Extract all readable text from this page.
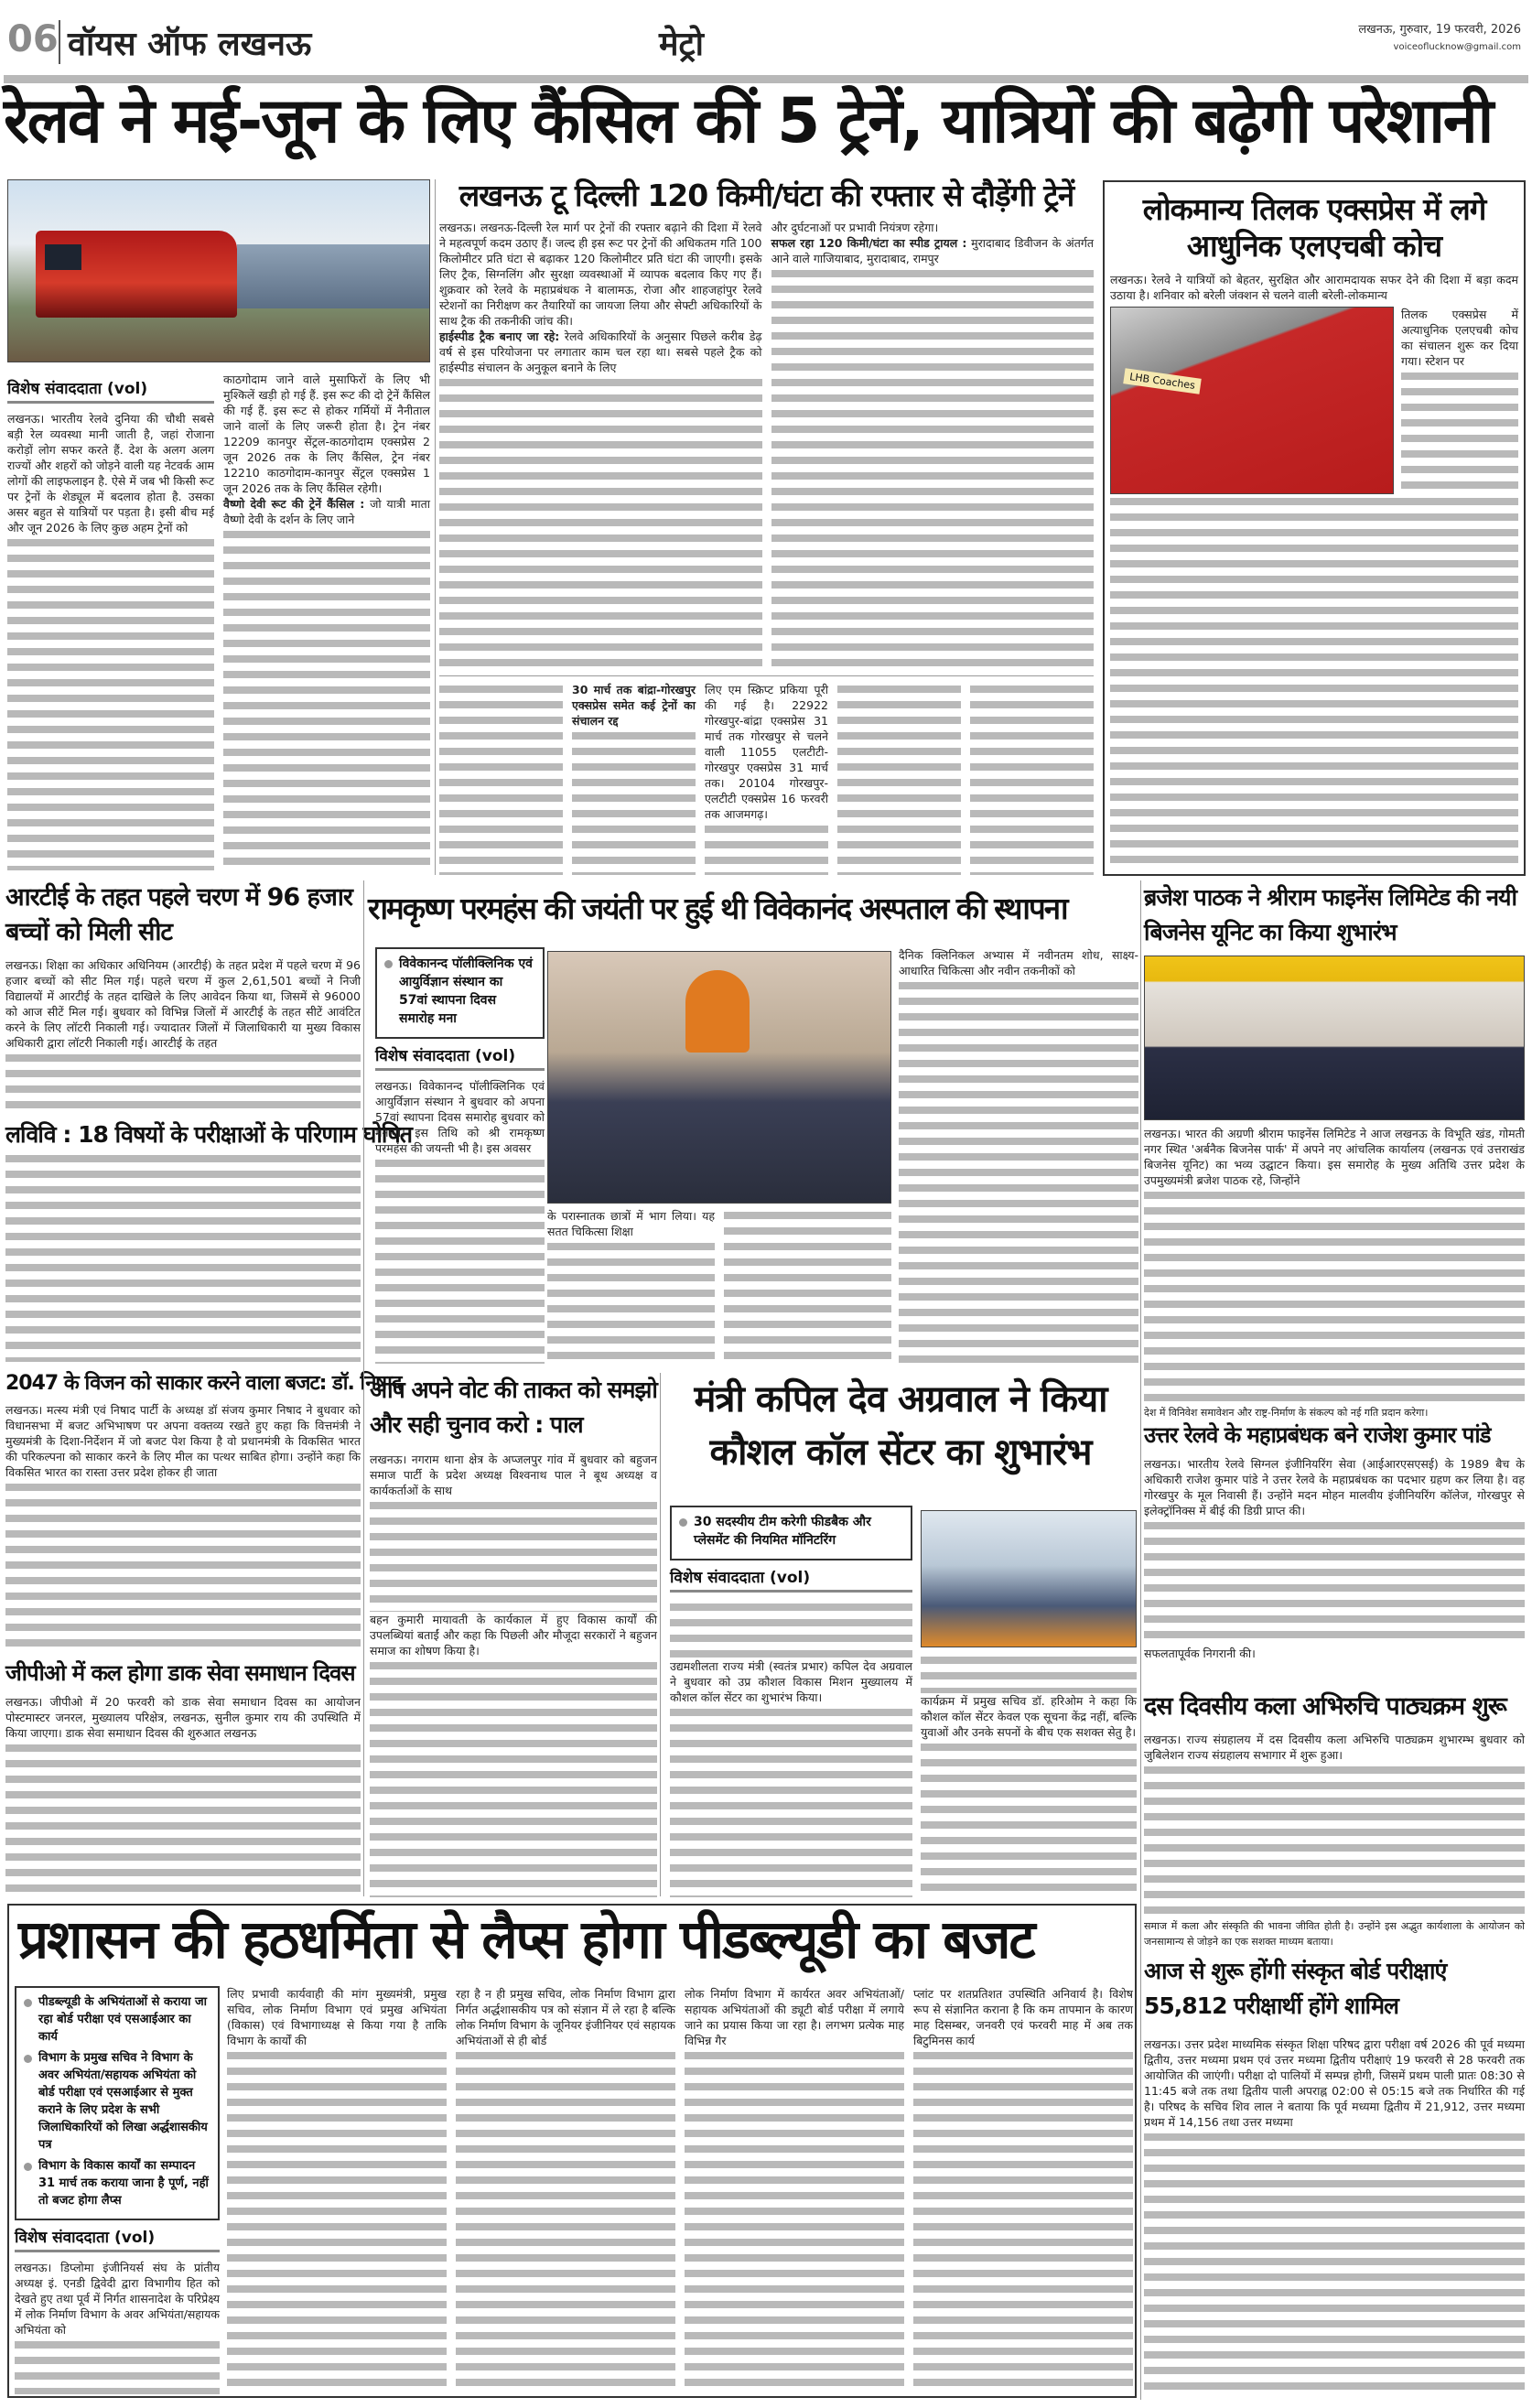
06 वॉयस ऑफ लखनऊ	मेट्रो	लखनऊ, गुरुवार, 19 फरवरी, 2026
voiceoflucknow@gmail.com
रेलवे ने मई-जून के लिए कैंसिल कीं 5 ट्रेनें, यात्रियों की बढ़ेगी परेशानी
विशेष संवाददाता (vol)
लखनऊ। भारतीय रेलवे दुनिया की चौथी सबसे बड़ी रेल व्यवस्था मानी जाती है, जहां रोजाना करोड़ों लोग सफर करते हैं. देश के अलग अलग राज्यों और शहरों को जोड़ने वाली यह नेटवर्क आम लोगों की लाइफलाइन है. ऐसे में जब भी किसी रूट पर ट्रेनों के शेड्यूल में बदलाव होता है. उसका असर बहुत से यात्रियों पर पड़ता है। इसी बीच मई और जून 2026 के लिए कुछ अहम ट्रेनों को
काठगोदाम जाने वाले मुसाफिरों के लिए भी मुश्किलें खड़ी हो गई हैं. इस रूट की दो ट्रेनें कैंसिल की गई हैं. इस रूट से होकर गर्मियों में नैनीताल जाने वालों के लिए जरूरी होता है। ट्रेन नंबर 12209 कानपुर सेंट्रल-काठगोदाम एक्सप्रेस 2 जून 2026 तक के लिए कैंसिल, ट्रेन नंबर 12210 काठगोदाम-कानपुर सेंट्रल एक्सप्रेस 1 जून 2026 तक के लिए कैंसिल रहेगी।
वैष्णो देवी रूट की ट्रेनें कैंसिल : जो यात्री माता वैष्णो देवी के दर्शन के लिए जाने
लखनऊ टू दिल्ली 120 किमी/घंटा की रफ्तार से दौड़ेंगी ट्रेनें
लखनऊ। लखनऊ-दिल्ली रेल मार्ग पर ट्रेनों की रफ्तार बढ़ाने की दिशा में रेलवे ने महत्वपूर्ण कदम उठाए हैं। जल्द ही इस रूट पर ट्रेनों की अधिकतम गति 100 किलोमीटर प्रति घंटा से बढ़ाकर 120 किलोमीटर प्रति घंटा की जाएगी। इसके लिए ट्रैक, सिग्नलिंग और सुरक्षा व्यवस्थाओं में व्यापक बदलाव किए गए हैं। शुक्रवार को रेलवे के महाप्रबंधक ने बालामऊ, रोजा और शाहजहांपुर रेलवे स्टेशनों का निरीक्षण कर तैयारियों का जायजा लिया और सेफ्टी अधिकारियों के साथ ट्रैक की तकनीकी जांच की।
हाईस्पीड ट्रैक बनाए जा रहे: रेलवे अधिकारियों के अनुसार पिछले करीब डेढ़ वर्ष से इस परियोजना पर लगातार काम चल रहा था। सबसे पहले ट्रैक को हाईस्पीड संचालन के अनुकूल बनाने के लिए
और दुर्घटनाओं पर प्रभावी नियंत्रण रहेगा।
सफल रहा 120 किमी/घंटा का स्पीड ट्रायल : मुरादाबाद डिवीजन के अंतर्गत आने वाले गाजियाबाद, मुरादाबाद, रामपुर
30 मार्च तक बांद्रा-गोरखपुर एक्सप्रेस समेत कई ट्रेनों का संचालन रद्द
लिए एम स्क्रिप्ट प्रकिया पूरी की गई है। 22922 गोरखपुर-बांद्रा एक्सप्रेस 31 मार्च तक गोरखपुर से चलने वाली 11055 एलटीटी-गोरखपुर एक्सप्रेस 31 मार्च तक। 20104 गोरखपुर-एलटीटी एक्सप्रेस 16 फरवरी तक आजमगढ़।
लोकमान्य तिलक एक्सप्रेस में लगे आधुनिक एलएचबी कोच
लखनऊ। रेलवे ने यात्रियों को बेहतर, सुरक्षित और आरामदायक सफर देने की दिशा में बड़ा कदम उठाया है। शनिवार को बरेली जंक्शन से चलने वाली बरेली-लोकमान्य
LHB Coaches
तिलक एक्सप्रेस में अत्याधुनिक एलएचबी कोच का संचालन शुरू कर दिया गया। स्टेशन पर
आरटीई के तहत पहले चरण में 96 हजार बच्चों को मिली सीट
लखनऊ। शिक्षा का अधिकार अधिनियम (आरटीई) के तहत प्रदेश में पहले चरण में 96 हजार बच्चों को सीट मिल गई। पहले चरण में कुल 2,61,501 बच्चों ने निजी विद्यालयों में आरटीई के तहत दाखिले के लिए आवेदन किया था, जिसमें से 96000 को आज सीटें मिल गई। बुधवार को विभिन्न जिलों में आरटीई के तहत सीटें आवंटित करने के लिए लॉटरी निकाली गई। ज्यादातर जिलों में जिलाधिकारी या मुख्य विकास अधिकारी द्वारा लॉटरी निकाली गई। आरटीई के तहत
लविवि : 18 विषयों के परीक्षाओं के परिणाम घोषित
रामकृष्ण परमहंस की जयंती पर हुई थी विवेकानंद अस्पताल की स्थापना
विवेकानन्द पॉलीक्लिनिक एवं आयुर्विज्ञान संस्थान का 57वां स्थापना दिवस समारोह मना
विशेष संवाददाता (vol)
लखनऊ। विवेकानन्द पॉलीक्लिनिक एवं आयुर्विज्ञान संस्थान ने बुधवार को अपना 57वां स्थापना दिवस समारोह बुधवार को मनाया। इस तिथि को श्री रामकृष्ण परमहंस की जयन्ती भी है। इस अवसर
दैनिक क्लिनिकल अभ्यास में नवीनतम शोध, साक्ष्य-आधारित चिकित्सा और नवीन तकनीकों को
के परास्नातक छात्रों में भाग लिया। यह सतत चिकित्सा शिक्षा
ब्रजेश पाठक ने श्रीराम फाइनेंस लिमिटेड की नयी बिजनेस यूनिट का किया शुभारंभ
लखनऊ। भारत की अग्रणी श्रीराम फाइनेंस लिमिटेड ने आज लखनऊ के विभूति खंड, गोमती नगर स्थित 'अर्बनैक बिजनेस पार्क' में अपने नए आंचलिक कार्यालय (लखनऊ एवं उत्तराखंड बिजनेस यूनिट) का भव्य उद्घाटन किया। इस समारोह के मुख्य अतिथि उत्तर प्रदेश के उपमुख्यमंत्री ब्रजेश पाठक रहे, जिन्होंने
देश में विनिवेश समावेशन और राष्ट्र-निर्माण के संकल्प को नई गति प्रदान करेगा।
2047 के विजन को साकार करने वाला बजट: डॉ. निषाद
लखनऊ। मत्स्य मंत्री एवं निषाद पार्टी के अध्यक्ष डॉ संजय कुमार निषाद ने बुधवार को विधानसभा में बजट अभिभाषण पर अपना वक्तव्य रखते हुए कहा कि वित्तमंत्री ने मुख्यमंत्री के दिशा-निर्देशन में जो बजट पेश किया है वो प्रधानमंत्री के विकसित भारत की परिकल्पना को साकार करने के लिए मील का पत्थर साबित होगा। उन्होंने कहा कि विकसित भारत का रास्ता उत्तर प्रदेश होकर ही जाता
जीपीओ में कल होगा डाक सेवा समाधान दिवस
लखनऊ। जीपीओ में 20 फरवरी को डाक सेवा समाधान दिवस का आयोजन पोस्टमास्टर जनरल, मुख्यालय परिक्षेत्र, लखनऊ, सुनील कुमार राय की उपस्थिति में किया जाएगा। डाक सेवा समाधान दिवस की शुरुआत लखनऊ
आप अपने वोट की ताकत को समझो और सही चुनाव करो : पाल
लखनऊ। नगराम थाना क्षेत्र के अप्जलपुर गांव में बुधवार को बहुजन समाज पार्टी के प्रदेश अध्यक्ष विश्वनाथ पाल ने बूथ अध्यक्ष व कार्यकर्ताओं के साथ
बहन कुमारी मायावती के कार्यकाल में हुए विकास कार्यों की उपलब्धियां बताईं और कहा कि पिछली और मौजूदा सरकारों ने बहुजन समाज का शोषण किया है।
मंत्री कपिल देव अग्रवाल ने किया कौशल कॉल सेंटर का शुभारंभ
30 सदस्यीय टीम करेगी फीडबैक और प्लेसमेंट की नियमित मॉनिटरिंग
विशेष संवाददाता (vol)
उद्यमशीलता राज्य मंत्री (स्वतंत्र प्रभार) कपिल देव अग्रवाल ने बुधवार को उप्र कौशल विकास मिशन मुख्यालय में कौशल कॉल सेंटर का शुभारंभ किया।	कार्यक्रम में प्रमुख सचिव डॉ. हरिओम ने कहा कि कौशल कॉल सेंटर केवल एक सूचना केंद्र नहीं, बल्कि युवाओं और उनके सपनों के बीच एक सशक्त सेतु है।
उत्तर रेलवे के महाप्रबंधक बने राजेश कुमार पांडे
लखनऊ। भारतीय रेलवे सिग्नल इंजीनियरिंग सेवा (आईआरएसएसई) के 1989 बैच के अधिकारी राजेश कुमार पांडे ने उत्तर रेलवे के महाप्रबंधक का पदभार ग्रहण कर लिया है। वह गोरखपुर के मूल निवासी हैं। उन्होंने मदन मोहन मालवीय इंजीनियरिंग कॉलेज, गोरखपुर से इलेक्ट्रॉनिक्स में बीई की डिग्री प्राप्त की।
सफलतापूर्वक निगरानी की।
दस दिवसीय कला अभिरुचि पाठ्यक्रम शुरू
लखनऊ। राज्य संग्रहालय में दस दिवसीय कला अभिरुचि पाठ्यक्रम शुभारम्भ बुधवार को जुबिलेशन राज्य संग्रहालय सभागार में शुरू हुआ।
समाज में कला और संस्कृति की भावना जीवित होती है। उन्होंने इस अद्भुत कार्यशाला के आयोजन को जनसामान्य से जोड़ने का एक सशक्त माध्यम बताया।
आज से शुरू होंगी संस्कृत बोर्ड परीक्षाएं 55,812 परीक्षार्थी होंगे शामिल
लखनऊ। उत्तर प्रदेश माध्यमिक संस्कृत शिक्षा परिषद द्वारा परीक्षा वर्ष 2026 की पूर्व मध्यमा द्वितीय, उत्तर मध्यमा प्रथम एवं उत्तर मध्यमा द्वितीय परीक्षाएं 19 फरवरी से 28 फरवरी तक आयोजित की जाएंगी। परीक्षा दो पालियों में सम्पन्न होगी, जिसमें प्रथम पाली प्रातः 08:30 से 11:45 बजे तक तथा द्वितीय पाली अपराह्न 02:00 से 05:15 बजे तक निर्धारित की गई है। परिषद के सचिव शिव लाल ने बताया कि पूर्व मध्यमा द्वितीय में 21,912, उत्तर मध्यमा प्रथम में 14,156 तथा उत्तर मध्यमा
प्रशासन की हठधर्मिता से लैप्स होगा पीडब्ल्यूडी का बजट
पीडब्ल्यूडी के अभियंताओं से कराया जा रहा बोर्ड परीक्षा एवं एसआईआर का कार्य
विभाग के प्रमुख सचिव ने विभाग के अवर अभियंता/सहायक अभियंता को बोर्ड परीक्षा एवं एसआईआर से मुक्त कराने के लिए प्रदेश के सभी जिलाधिकारियों को लिखा अर्द्धशासकीय पत्र
विभाग के विकास कार्यों का सम्पादन 31 मार्च तक कराया जाना है पूर्ण, नहीं तो बजट होगा लैप्स
विशेष संवाददाता (vol)
लखनऊ। डिप्लोमा इंजीनियर्स संघ के प्रांतीय अध्यक्ष इं. एनडी द्विवेदी द्वारा विभागीय हित को देखते हुए तथा पूर्व में निर्गत शासनादेश के परिप्रेक्ष्य में लोक निर्माण विभाग के अवर अभियंता/सहायक अभियंता को
लिए प्रभावी कार्यवाही की मांग मुख्यमंत्री, प्रमुख सचिव, लोक निर्माण विभाग एवं प्रमुख अभियंता (विकास) एवं विभागाध्यक्ष से किया गया है ताकि विभाग के कार्यों की
रहा है न ही प्रमुख सचिव, लोक निर्माण विभाग द्वारा निर्गत अर्द्धशासकीय पत्र को संज्ञान में ले रहा है बल्कि लोक निर्माण विभाग के जूनियर इंजीनियर एवं सहायक अभियंताओं से ही बोर्ड
लोक निर्माण विभाग में कार्यरत अवर अभियंताओं/सहायक अभियंताओं की ड्यूटी बोर्ड परीक्षा में लगाये जाने का प्रयास किया जा रहा है। लगभग प्रत्येक माह विभिन्न गैर
प्लांट पर शतप्रतिशत उपस्थिति अनिवार्य है। विशेष रूप से संज्ञानित कराना है कि कम तापमान के कारण माह दिसम्बर, जनवरी एवं फरवरी माह में अब तक बिटुमिनस कार्य
